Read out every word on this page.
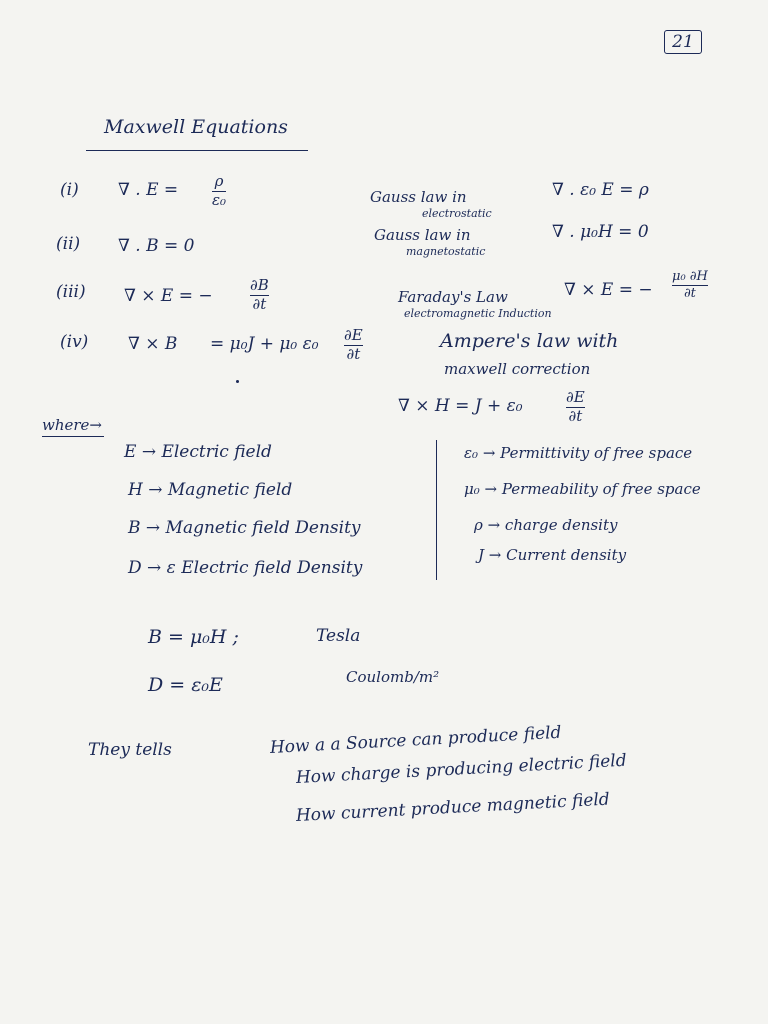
21
Maxwell Equations
(i) ∇ . E = ρ
ε₀	Gauss law in
electrostatic
∇ . ε₀ E = ρ
(ii) ∇ . B = 0
Gauss law in
magnetostatic
∇ . μ₀H = 0
(iii) ∇ × E = −
∂B
∂t	Faraday's Law
electromagnetic Induction
∇ × E = −
μ₀ ∂H
∂t
(iv) ∇ × B = μ₀J + μ₀ ε₀ ∂E
∂t
Ampere's law with
maxwell correction
∇ × H = J + ε₀	∂E
∂t
where→
E → Electric field
H → Magnetic field
B → Magnetic field Density
D → ε Electric field Density
ε₀ → Permittivity of free space
μ₀ → Permeability of free space
ρ → charge density
J → Current density
B = μ₀H ;	Tesla
D = ε₀E	Coulomb/m²
They tells	How a a Source can produce field
How charge is producing electric field
How current produce magnetic field
